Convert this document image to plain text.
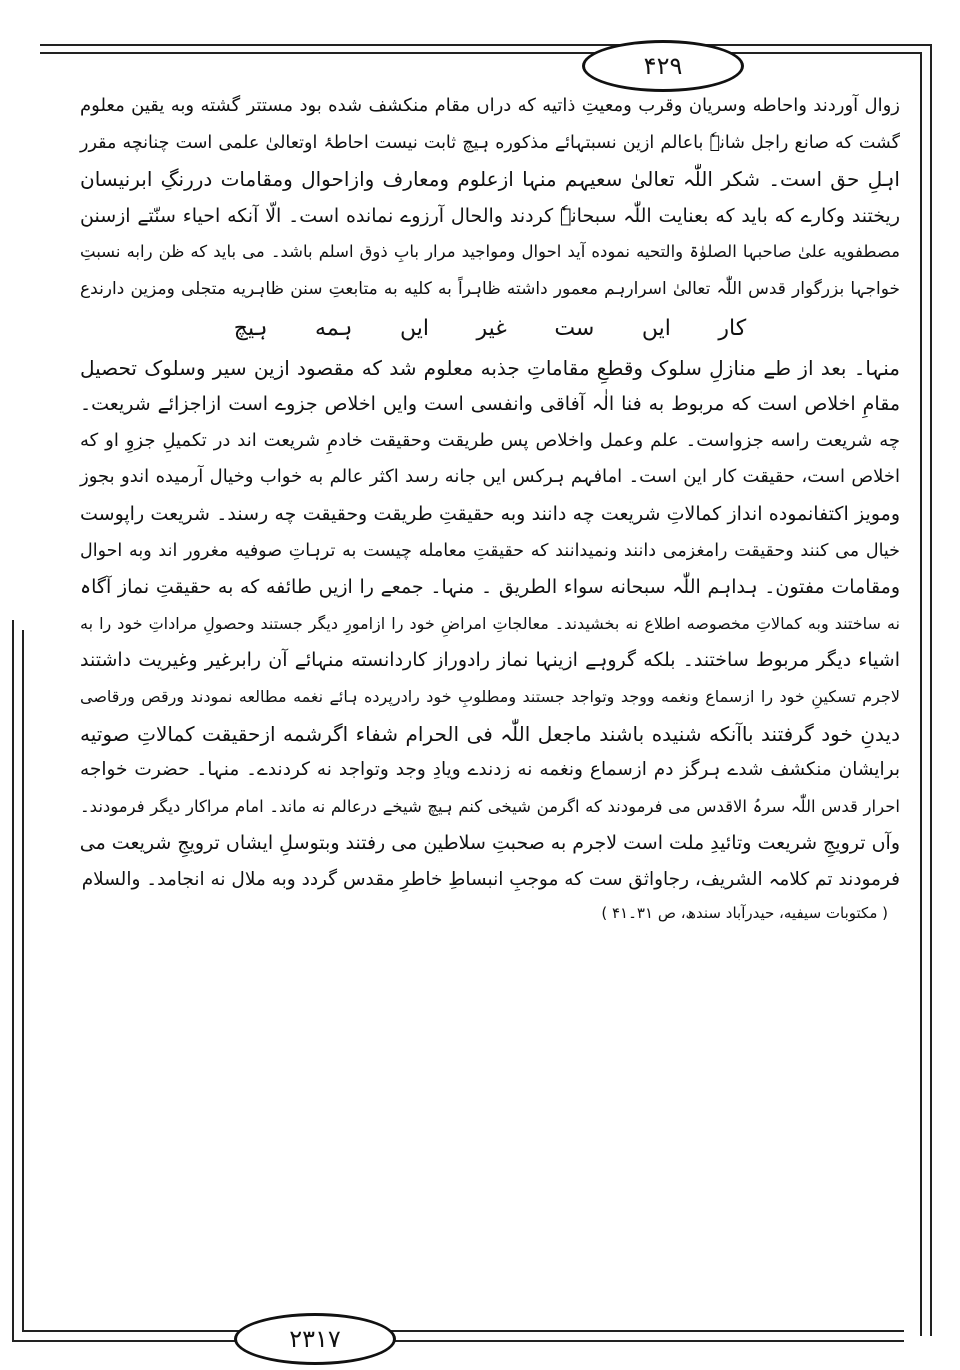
۴۲۹
۲۳۱۷
زوال آوردند واحاطه وسریان وقرب ومعیتِ ذاتیه که دراں مقام منکشف شده بود مستتر گشته وبه یقین معلوم
گشت که صانع راجل شانہٗ باعالم ازین نسبتہائے مذکوره ہیچ ثابت نیست احاطۂ اوتعالیٰ علمی است چنانچه مقرر
اہلِ حق است۔ شکر اللّٰہ تعالیٰ سعیہم منہا ازعلوم ومعارف وازاحوال ومقامات دررنگِ ابرنیسان
ریختند وکارے که باید که بعنایت اللّٰہ سبحانہٗ کردند والحال آرزوے نمانده است۔ الّا آنکه احیاء سنّتے ازسنن
مصطفویه علیٰ صاحبہا الصلوٰۃ والتحیه نموده آید احوال ومواجید مرار بابِ ذوق اسلم باشد۔ می باید که ظن رابه نسبتِ
خواجہا بزرگوار قدس اللّٰہ تعالیٰ اسرارہم معمور داشته ظاہراً به کلیه به متابعتِ سنن ظاہریه متجلی ومزین دارندع
کار
ایں
ست
غیر
ایں
ہمه
ہیچ
منہا۔ بعد از طے منازلِ سلوک وقطعِ مقاماتِ جذبه معلوم شد که مقصود ازین سیر وسلوک تحصیل
مقامِ اخلاص است که مربوط به فنا الٰہ آفاقی وانفسی است وایں اخلاص جزوے است ازاجزائے شریعت۔
چه شریعت راسه جزواست۔ علم وعمل واخلاص پس طریقت وحقیقت خادمِ شریعت اند در تکمیلِ جزوِ او که
اخلاص است، حقیقت کار این است۔ امافہم ہرکس ایں جانه رسد اکثر عالم به خواب وخیال آرمیده اندو بجوز
ومویز اکتفانموده انداز کمالاتِ شریعت چه دانند وبه حقیقتِ طریقت وحقیقت چه رسند۔ شریعت راپوست
خیال می کنند وحقیقت رامغزمی دانند ونمیدانند که حقیقتِ معامله چیست به ترہاتِ صوفیه مغرور اند وبه احوال
ومقامات مفتون۔ ہداہم اللّٰہ سبحانه سواء الطریق ۔ منہا۔ جمعے را ازیں طائفه که به حقیقتِ نماز آگاہ
نه ساختند وبه کمالاتِ مخصوصه اطلاع نه بخشیدند۔ معالجاتِ امراضِ خود را ازامورِ دیگر جستند وحصولِ مراداتِ خود را به
اشیاء دیگر مربوط ساختند۔ بلکه گروہے ازینہا نماز رادوراز کاردانسته منہائے آن رابرغیر وغیریت داشتند
لاجرم تسکینِ خود را ازسماع ونغمه ووجد وتواجد جستند ومطلوبِ خود رادرپرده ہائے نغمه مطالعه نمودند ورقص ورقاصی
دیدنِ خود گرفتند باآنکه شنیده باشند ماجعل اللّٰہ فی الحرام شفاء اگرشمه ازحقیقت کمالاتِ صوتیه
برایشان منکشف شدے ہرگز دم ازسماع ونغمه نه زدندے ویادِ وجد وتواجد نه کردندے۔ منہا۔ حضرت خواجه
احرار قدس اللّٰہ سرہُ الاقدس می فرمودند که اگرمن شیخی کنم ہیچ شیخے درعالم نه ماند۔ امام مراکار دیگر فرمودند۔
وآں ترویجِ شریعت وتائیدِ ملت است لاجرم به صحبتِ سلاطین می رفتند وبتوسلِ ایشاں ترویجِ شریعت می
فرمودند تم کلامہ الشریف، رجاواثق ست که موجبِ انبساطِ خاطرِ مقدس گردد وبه ملال نه انجامد۔ والسلام
( مکتوبات سیفیه، حیدرآباد سندھ، ص ۳۱۔۴۱ )
